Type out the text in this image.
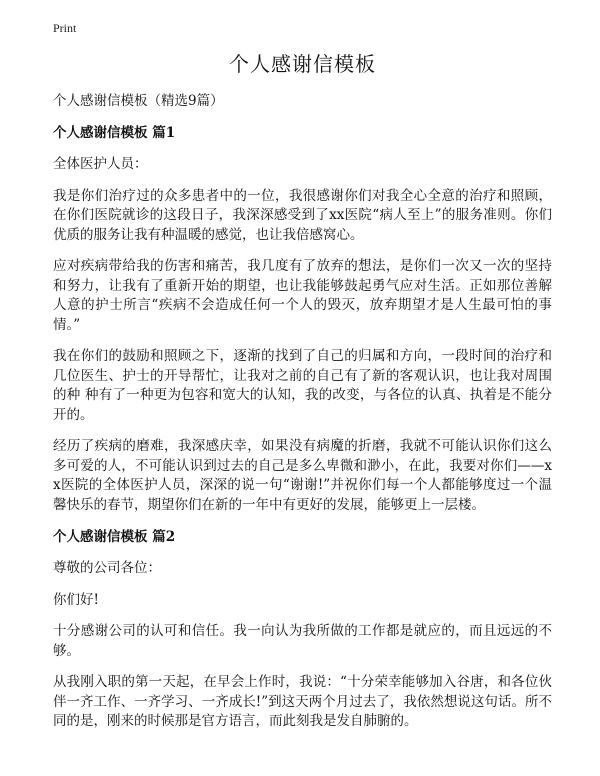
Print
个人感谢信模板
个人感谢信模板（精选9篇）
个人感谢信模板 篇1

全体医护人员：

我是你们治疗过的众多患者中的一位，我很感谢你们对我全心全意的治疗和照顾，在你们医院就诊的这段日子，我深深感受到了xx医院“病人至上”的服务准则。你们优质的服务让我有种温暖的感觉，也让我倍感窝心。

应对疾病带给我的伤害和痛苦，我几度有了放弃的想法，是你们一次又一次的坚持和努力，让我有了重新开始的期望，也让我能够鼓起勇气应对生活。正如那位善解人意的护士所言“疾病不会造成任何一个人的毁灭，放弃期望才是人生最可怕的事情。”

我在你们的鼓励和照顾之下，逐渐的找到了自己的归属和方向，一段时间的治疗和几位医生、护士的开导帮忙，让我对之前的自己有了新的客观认识，也让我对周围的种 种有了一种更为包容和宽大的认知，我的改变，与各位的认真、执着是不能分开的。

经历了疾病的磨难，我深感庆幸，如果没有病魔的折磨，我就不可能认识你们这么多可爱的人，不可能认识到过去的自己是多么卑微和渺小，在此，我要对你们——xx医院的全体医护人员，深深的说一句“谢谢!”并祝你们每一个人都能够度过一个温馨快乐的春节，期望你们在新的一年中有更好的发展，能够更上一层楼。

个人感谢信模板 篇2

尊敬的公司各位：

你们好!

十分感谢公司的认可和信任。我一向认为我所做的工作都是就应的，而且远远的不够。

从我刚入职的第一天起，在早会上作时，我说：“十分荣幸能够加入谷唐，和各位伙伴一齐工作、一齐学习、一齐成长!”到这天两个月过去了，我依然想说这句话。所不同的是，刚来的时候那是官方语言，而此刻我是发自肺腑的。
